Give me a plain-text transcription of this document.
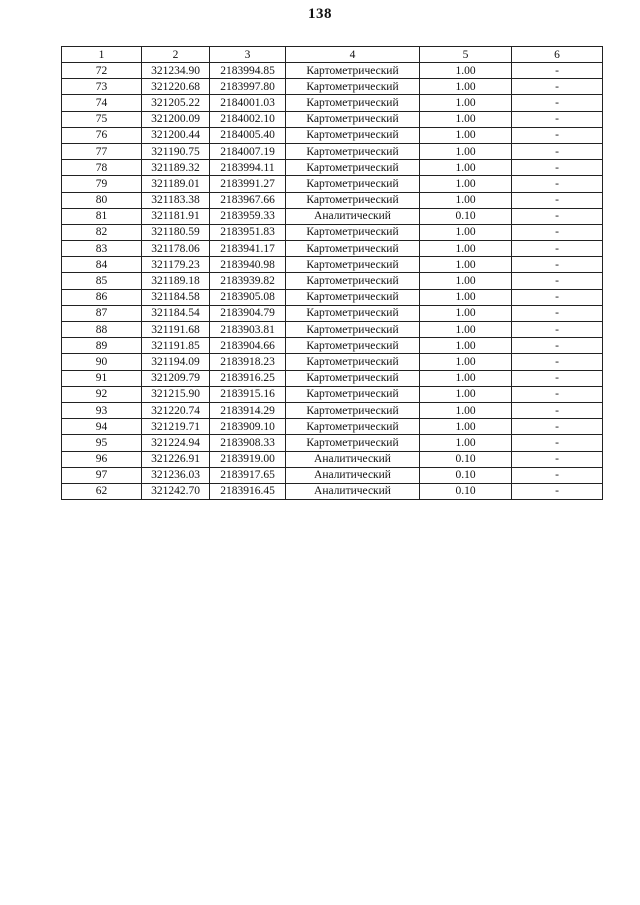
138
1	2	3	4	5	6
72	321234.90	2183994.85	Картометрический	1.00	-
73	321220.68	2183997.80	Картометрический	1.00	-
74	321205.22	2184001.03	Картометрический	1.00	-
75	321200.09	2184002.10	Картометрический	1.00	-
76	321200.44	2184005.40	Картометрический	1.00	-
77	321190.75	2184007.19	Картометрический	1.00	-
78	321189.32	2183994.11	Картометрический	1.00	-
79	321189.01	2183991.27	Картометрический	1.00	-
80	321183.38	2183967.66	Картометрический	1.00	-
81	321181.91	2183959.33	Аналитический	0.10	-
82	321180.59	2183951.83	Картометрический	1.00	-
83	321178.06	2183941.17	Картометрический	1.00	-
84	321179.23	2183940.98	Картометрический	1.00	-
85	321189.18	2183939.82	Картометрический	1.00	-
86	321184.58	2183905.08	Картометрический	1.00	-
87	321184.54	2183904.79	Картометрический	1.00	-
88	321191.68	2183903.81	Картометрический	1.00	-
89	321191.85	2183904.66	Картометрический	1.00	-
90	321194.09	2183918.23	Картометрический	1.00	-
91	321209.79	2183916.25	Картометрический	1.00	-
92	321215.90	2183915.16	Картометрический	1.00	-
93	321220.74	2183914.29	Картометрический	1.00	-
94	321219.71	2183909.10	Картометрический	1.00	-
95	321224.94	2183908.33	Картометрический	1.00	-
96	321226.91	2183919.00	Аналитический	0.10	-
97	321236.03	2183917.65	Аналитический	0.10	-
62	321242.70	2183916.45	Аналитический	0.10	-
